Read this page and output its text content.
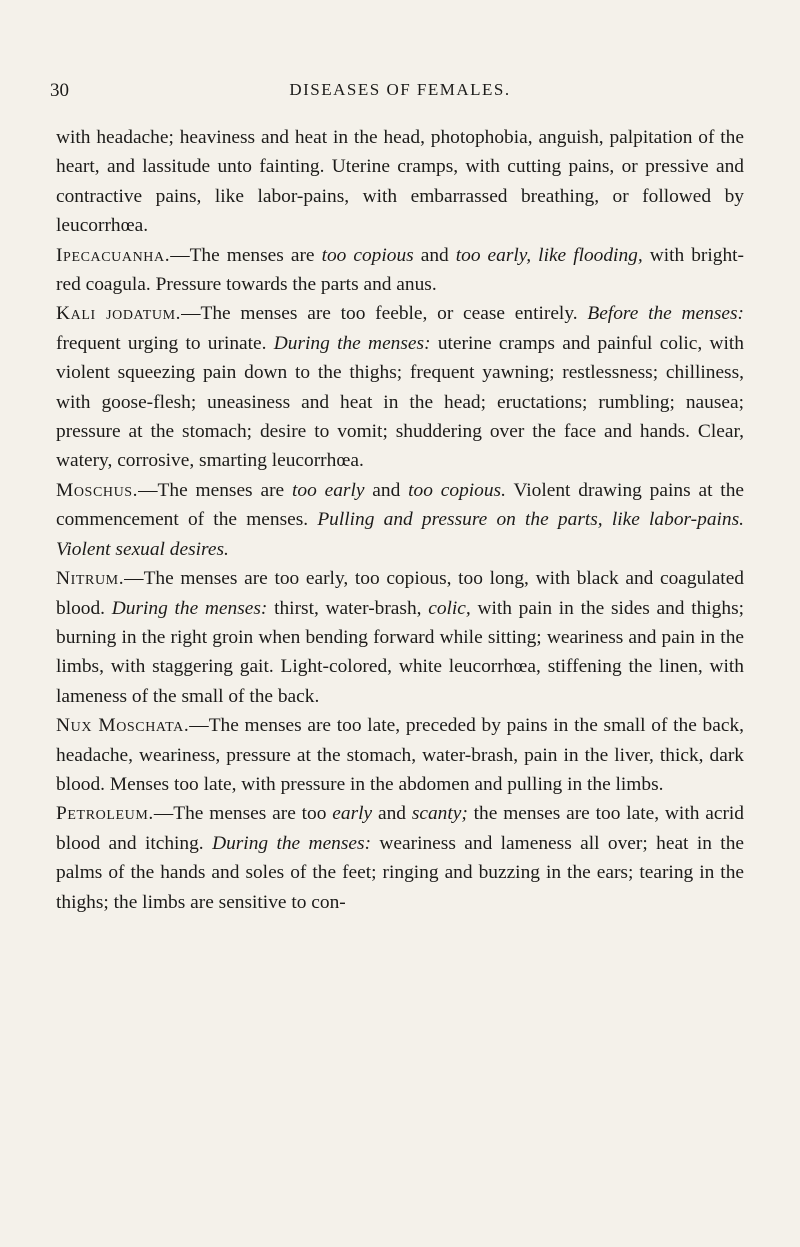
30	DISEASES OF FEMALES.

with headache; heaviness and heat in the head, photophobia, anguish, palpitation of the heart, and lassitude unto fainting. Uterine cramps, with cutting pains, or pressive and contractive pains, like labor-pains, with embarrassed breathing, or followed by leucorrhœa.

Ipecacuanha.—The menses are too copious and too early, like flooding, with bright-red coagula. Pressure towards the parts and anus.

Kali jodatum.—The menses are too feeble, or cease entirely. Before the menses: frequent urging to urinate. During the menses: uterine cramps and painful colic, with violent squeezing pain down to the thighs; frequent yawning; restlessness; chilliness, with goose-flesh; uneasiness and heat in the head; eructations; rumbling; nausea; pressure at the stomach; desire to vomit; shuddering over the face and hands. Clear, watery, corrosive, smarting leucorrhœa.

Moschus.—The menses are too early and too copious. Violent drawing pains at the commencement of the menses. Pulling and pressure on the parts, like labor-pains. Violent sexual desires.

Nitrum.—The menses are too early, too copious, too long, with black and coagulated blood. During the menses: thirst, water-brash, colic, with pain in the sides and thighs; burning in the right groin when bending forward while sitting; weariness and pain in the limbs, with staggering gait. Light-colored, white leucorrhœa, stiffening the linen, with lameness of the small of the back.

Nux Moschata.—The menses are too late, preceded by pains in the small of the back, headache, weariness, pressure at the stomach, water-brash, pain in the liver, thick, dark blood. Menses too late, with pressure in the abdomen and pulling in the limbs.

Petroleum.—The menses are too early and scanty; the menses are too late, with acrid blood and itching. During the menses: weariness and lameness all over; heat in the palms of the hands and soles of the feet; ringing and buzzing in the ears; tearing in the thighs; the limbs are sensitive to con-
